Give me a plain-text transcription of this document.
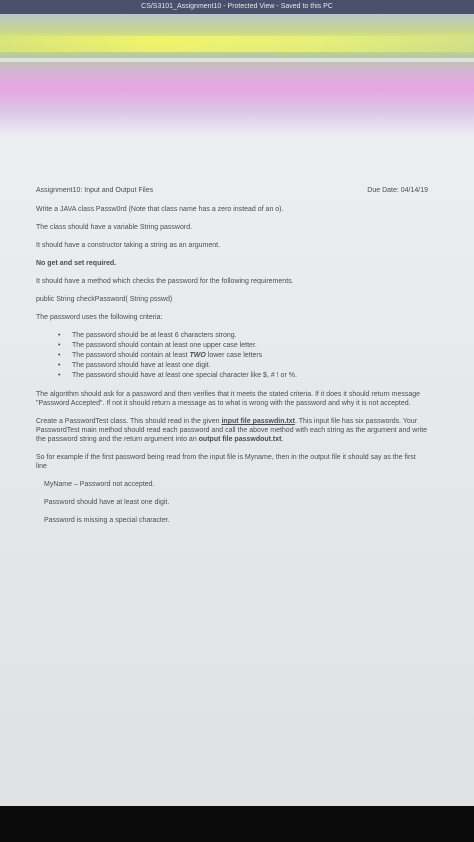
CS/S3101_Assignment10 - Protected View - Saved to this PC
Assignment10: Input and Output Files	Due Date: 04/14/19

Write a JAVA class Passw0rd (Note that class name has a zero instead of an o).

The class should have a variable String password.

It should have a constructor taking a string as an argument.

No get and set required.

It should have a method which checks the password for the following requirements.

public String checkPassword( String psswd)

The password uses the following criteria:

• The password should be at least 6 characters strong.
• The password should contain at least one upper case letter.
• The password should contain at least TWO lower case letters
• The password should have at least one digit.
• The password should have at least one special character like $, # ! or %.

The algorithm should ask for a password and then verifies that it meets the stated criteria. If it does it should return message "Password Accepted". If not it should return a message as to what is wrong with the password and why it is not accepted.

Create a PasswordTest class. This should read in the given input file passwdin.txt. This input file has six passwords. Your PasswordTest main method should read each password and call the above method with each string as the argument and write the password string and the return argument into an output file passwdout.txt.

So for example if the first password being read from the input file is Myname, then in the output file it should say as the first line

MyName – Password not accepted.

Password should have at least one digit.

Password is missing a special character.
